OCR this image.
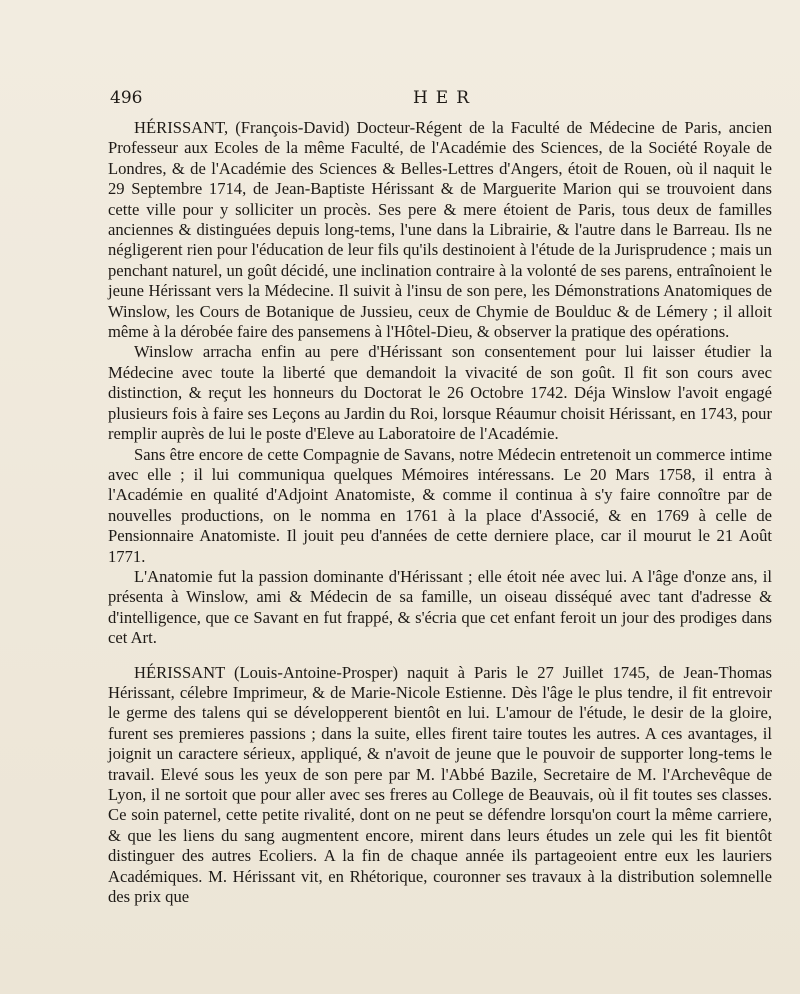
496	HER

HÉRISSANT, (François-David) Docteur-Régent de la Faculté de Médecine de Paris, ancien Professeur aux Ecoles de la même Faculté, de l'Académie des Sciences, de la Société Royale de Londres, & de l'Académie des Sciences & Belles-Lettres d'Angers, étoit de Rouen, où il naquit le 29 Septembre 1714, de Jean-Baptiste Hérissant & de Marguerite Marion qui se trouvoient dans cette ville pour y solliciter un procès. Ses pere & mere étoient de Paris, tous deux de familles anciennes & distinguées depuis long-tems, l'une dans la Librairie, & l'autre dans le Barreau. Ils ne négligerent rien pour l'éducation de leur fils qu'ils destinoient à l'étude de la Jurisprudence ; mais un penchant naturel, un goût décidé, une inclination contraire à la volonté de ses parens, entraînoient le jeune Hérissant vers la Médecine. Il suivit à l'insu de son pere, les Démonstrations Anatomiques de Winslow, les Cours de Botanique de Jussieu, ceux de Chymie de Boulduc & de Lémery ; il alloit même à la dérobée faire des pansemens à l'Hôtel-Dieu, & observer la pratique des opérations.

Winslow arracha enfin au pere d'Hérissant son consentement pour lui laisser étudier la Médecine avec toute la liberté que demandoit la vivacité de son goût. Il fit son cours avec distinction, & reçut les honneurs du Doctorat le 26 Octobre 1742. Déja Winslow l'avoit engagé plusieurs fois à faire ses Leçons au Jardin du Roi, lorsque Réaumur choisit Hérissant, en 1743, pour remplir auprès de lui le poste d'Eleve au Laboratoire de l'Académie.

Sans être encore de cette Compagnie de Savans, notre Médecin entretenoit un commerce intime avec elle ; il lui communiqua quelques Mémoires intéressans. Le 20 Mars 1758, il entra à l'Académie en qualité d'Adjoint Anatomiste, & comme il continua à s'y faire connoître par de nouvelles productions, on le nomma en 1761 à la place d'Associé, & en 1769 à celle de Pensionnaire Anatomiste. Il jouit peu d'années de cette derniere place, car il mourut le 21 Août 1771.

L'Anatomie fut la passion dominante d'Hérissant ; elle étoit née avec lui. A l'âge d'onze ans, il présenta à Winslow, ami & Médecin de sa famille, un oiseau disséqué avec tant d'adresse & d'intelligence, que ce Savant en fut frappé, & s'écria que cet enfant feroit un jour des prodiges dans cet Art.

HÉRISSANT (Louis-Antoine-Prosper) naquit à Paris le 27 Juillet 1745, de Jean-Thomas Hérissant, célebre Imprimeur, & de Marie-Nicole Estienne. Dès l'âge le plus tendre, il fit entrevoir le germe des talens qui se développerent bientôt en lui. L'amour de l'étude, le desir de la gloire, furent ses premieres passions ; dans la suite, elles firent taire toutes les autres. A ces avantages, il joignit un caractere sérieux, appliqué, & n'avoit de jeune que le pouvoir de supporter long-tems le travail. Elevé sous les yeux de son pere par M. l'Abbé Bazile, Secretaire de M. l'Archevêque de Lyon, il ne sortoit que pour aller avec ses freres au College de Beauvais, où il fit toutes ses classes. Ce soin paternel, cette petite rivalité, dont on ne peut se défendre lorsqu'on court la même carriere, & que les liens du sang augmentent encore, mirent dans leurs études un zele qui les fit bientôt distinguer des autres Ecoliers. A la fin de chaque année ils partageoient entre eux les lauriers Académiques. M. Hérissant vit, en Rhétorique, couronner ses travaux à la distribution solemnelle des prix que
